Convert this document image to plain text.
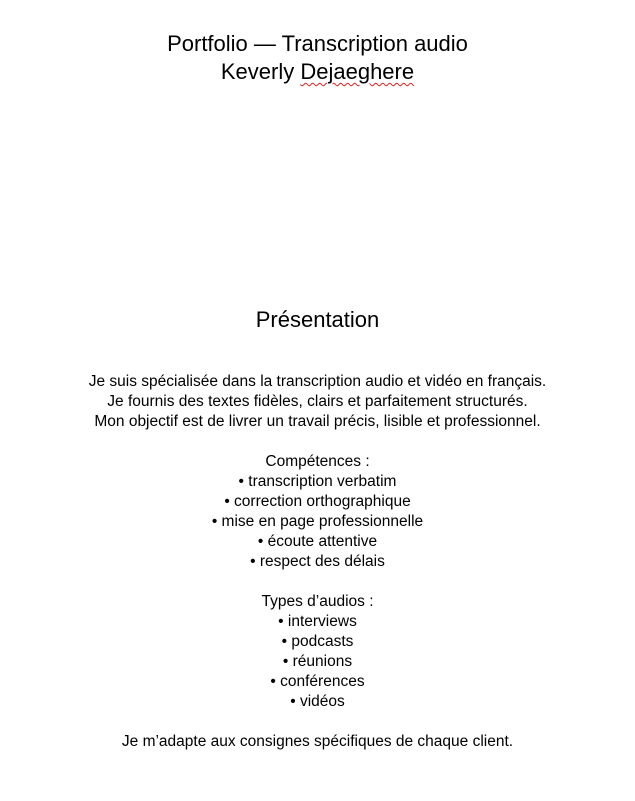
Portfolio — Transcription audio
Keverly Dejaeghere
Présentation
Je suis spécialisée dans la transcription audio et vidéo en français.
Je fournis des textes fidèles, clairs et parfaitement structurés.
Mon objectif est de livrer un travail précis, lisible et professionnel.
Compétences :
• transcription verbatim
• correction orthographique
• mise en page professionnelle
• écoute attentive
• respect des délais
Types d’audios :
• interviews
• podcasts
• réunions
• conférences
• vidéos
Je m’adapte aux consignes spécifiques de chaque client.
